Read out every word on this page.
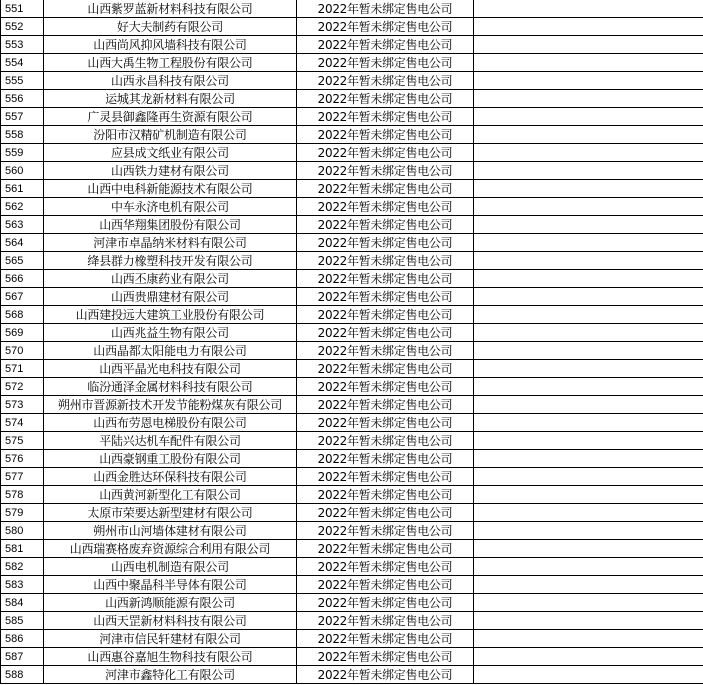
551	山西紫罗蓝新材料科技有限公司	2022年暂未绑定售电公司	
552	好大夫制药有限公司	2022年暂未绑定售电公司	
553	山西尚风抑风墙科技有限公司	2022年暂未绑定售电公司	
554	山西大禹生物工程股份有限公司	2022年暂未绑定售电公司	
555	山西永昌科技有限公司	2022年暂未绑定售电公司	
556	运城其龙新材料有限公司	2022年暂未绑定售电公司	
557	广灵县御鑫隆再生资源有限公司	2022年暂未绑定售电公司	
558	汾阳市汉精矿机制造有限公司	2022年暂未绑定售电公司	
559	应县成文纸业有限公司	2022年暂未绑定售电公司	
560	山西铁力建材有限公司	2022年暂未绑定售电公司	
561	山西中电科新能源技术有限公司	2022年暂未绑定售电公司	
562	中车永济电机有限公司	2022年暂未绑定售电公司	
563	山西华翔集团股份有限公司	2022年暂未绑定售电公司	
564	河津市卓晶纳米材料有限公司	2022年暂未绑定售电公司	
565	绛县群力橡塑科技开发有限公司	2022年暂未绑定售电公司	
566	山西丕康药业有限公司	2022年暂未绑定售电公司	
567	山西贵鼎建材有限公司	2022年暂未绑定售电公司	
568	山西建投远大建筑工业股份有限公司	2022年暂未绑定售电公司	
569	山西兆益生物有限公司	2022年暂未绑定售电公司	
570	山西晶都太阳能电力有限公司	2022年暂未绑定售电公司	
571	山西平晶光电科技有限公司	2022年暂未绑定售电公司	
572	临汾通泽金属材料科技有限公司	2022年暂未绑定售电公司	
573	朔州市晋源新技术开发节能粉煤灰有限公司	2022年暂未绑定售电公司	
574	山西布劳恩电梯股份有限公司	2022年暂未绑定售电公司	
575	平陆兴达机车配件有限公司	2022年暂未绑定售电公司	
576	山西豪钢重工股份有限公司	2022年暂未绑定售电公司	
577	山西金胜达环保科技有限公司	2022年暂未绑定售电公司	
578	山西黄河新型化工有限公司	2022年暂未绑定售电公司	
579	太原市荣要达新型建材有限公司	2022年暂未绑定售电公司	
580	朔州市山河墙体建材有限公司	2022年暂未绑定售电公司	
581	山西瑞赛格废弃资源综合利用有限公司	2022年暂未绑定售电公司	
582	山西电机制造有限公司	2022年暂未绑定售电公司	
583	山西中聚晶科半导体有限公司	2022年暂未绑定售电公司	
584	山西新鸿顺能源有限公司	2022年暂未绑定售电公司	
585	山西天罡新材料科技有限公司	2022年暂未绑定售电公司	
586	河津市信民轩建材有限公司	2022年暂未绑定售电公司	
587	山西惠谷嘉旭生物科技有限公司	2022年暂未绑定售电公司	
588	河津市鑫特化工有限公司	2022年暂未绑定售电公司	
